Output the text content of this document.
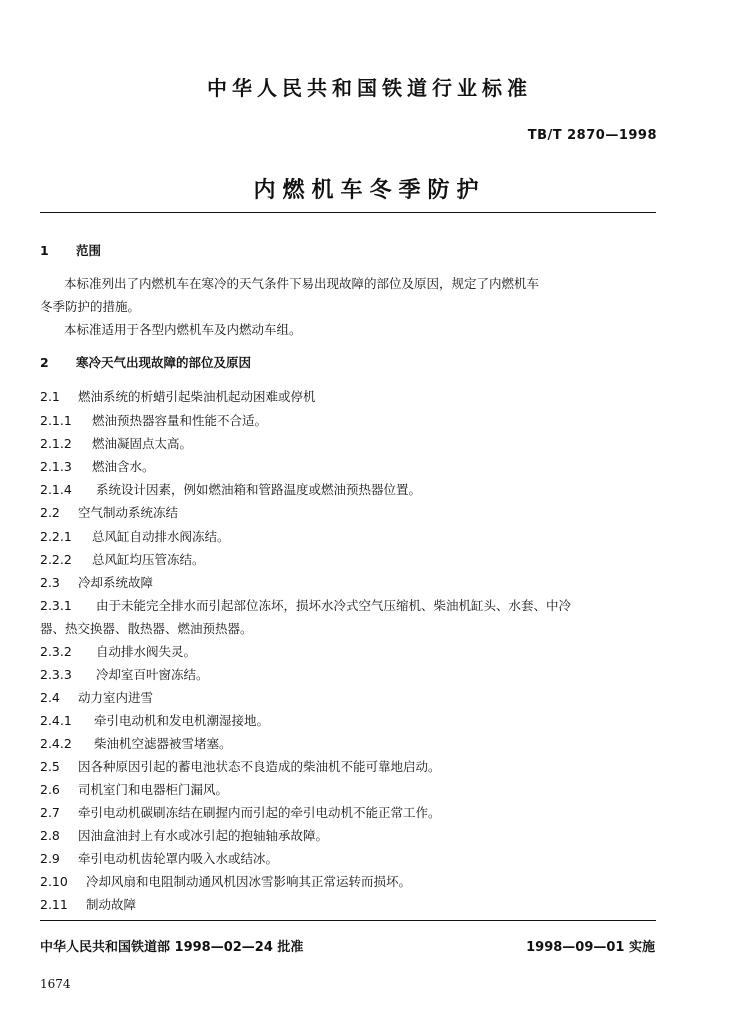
中华人民共和国铁道行业标准
TB/T 2870—1998
内燃机车冬季防护
1 范围
本标准列出了内燃机车在寒冷的天气条件下易出现故障的部位及原因，规定了内燃机车
冬季防护的措施。
本标准适用于各型内燃机车及内燃动车组。
2 寒冷天气出现故障的部位及原因
2.1 燃油系统的析蜡引起柴油机起动困难或停机
2.1.1 燃油预热器容量和性能不合适。
2.1.2 燃油凝固点太高。
2.1.3 燃油含水。
2.1.4 系统设计因素，例如燃油箱和管路温度或燃油预热器位置。
2.2 空气制动系统冻结
2.2.1 总风缸自动排水阀冻结。
2.2.2 总风缸均压管冻结。
2.3 冷却系统故障
2.3.1 由于未能完全排水而引起部位冻坏，损坏水冷式空气压缩机、柴油机缸头、水套、中冷
器、热交换器、散热器、燃油预热器。
2.3.2 自动排水阀失灵。
2.3.3 冷却室百叶窗冻结。
2.4 动力室内进雪
2.4.1 牵引电动机和发电机潮湿接地。
2.4.2 柴油机空滤器被雪堵塞。
2.5 因各种原因引起的蓄电池状态不良造成的柴油机不能可靠地启动。
2.6 司机室门和电器柜门漏风。
2.7 牵引电动机碳刷冻结在刷握内而引起的牵引电动机不能正常工作。
2.8 因油盒油封上有水或冰引起的抱轴轴承故障。
2.9 牵引电动机齿轮罩内吸入水或结冰。
2.10 冷却风扇和电阻制动通风机因冰雪影响其正常运转而损坏。
2.11 制动故障
中华人民共和国铁道部 1998—02—24 批准	1998—09—01 实施
1674
